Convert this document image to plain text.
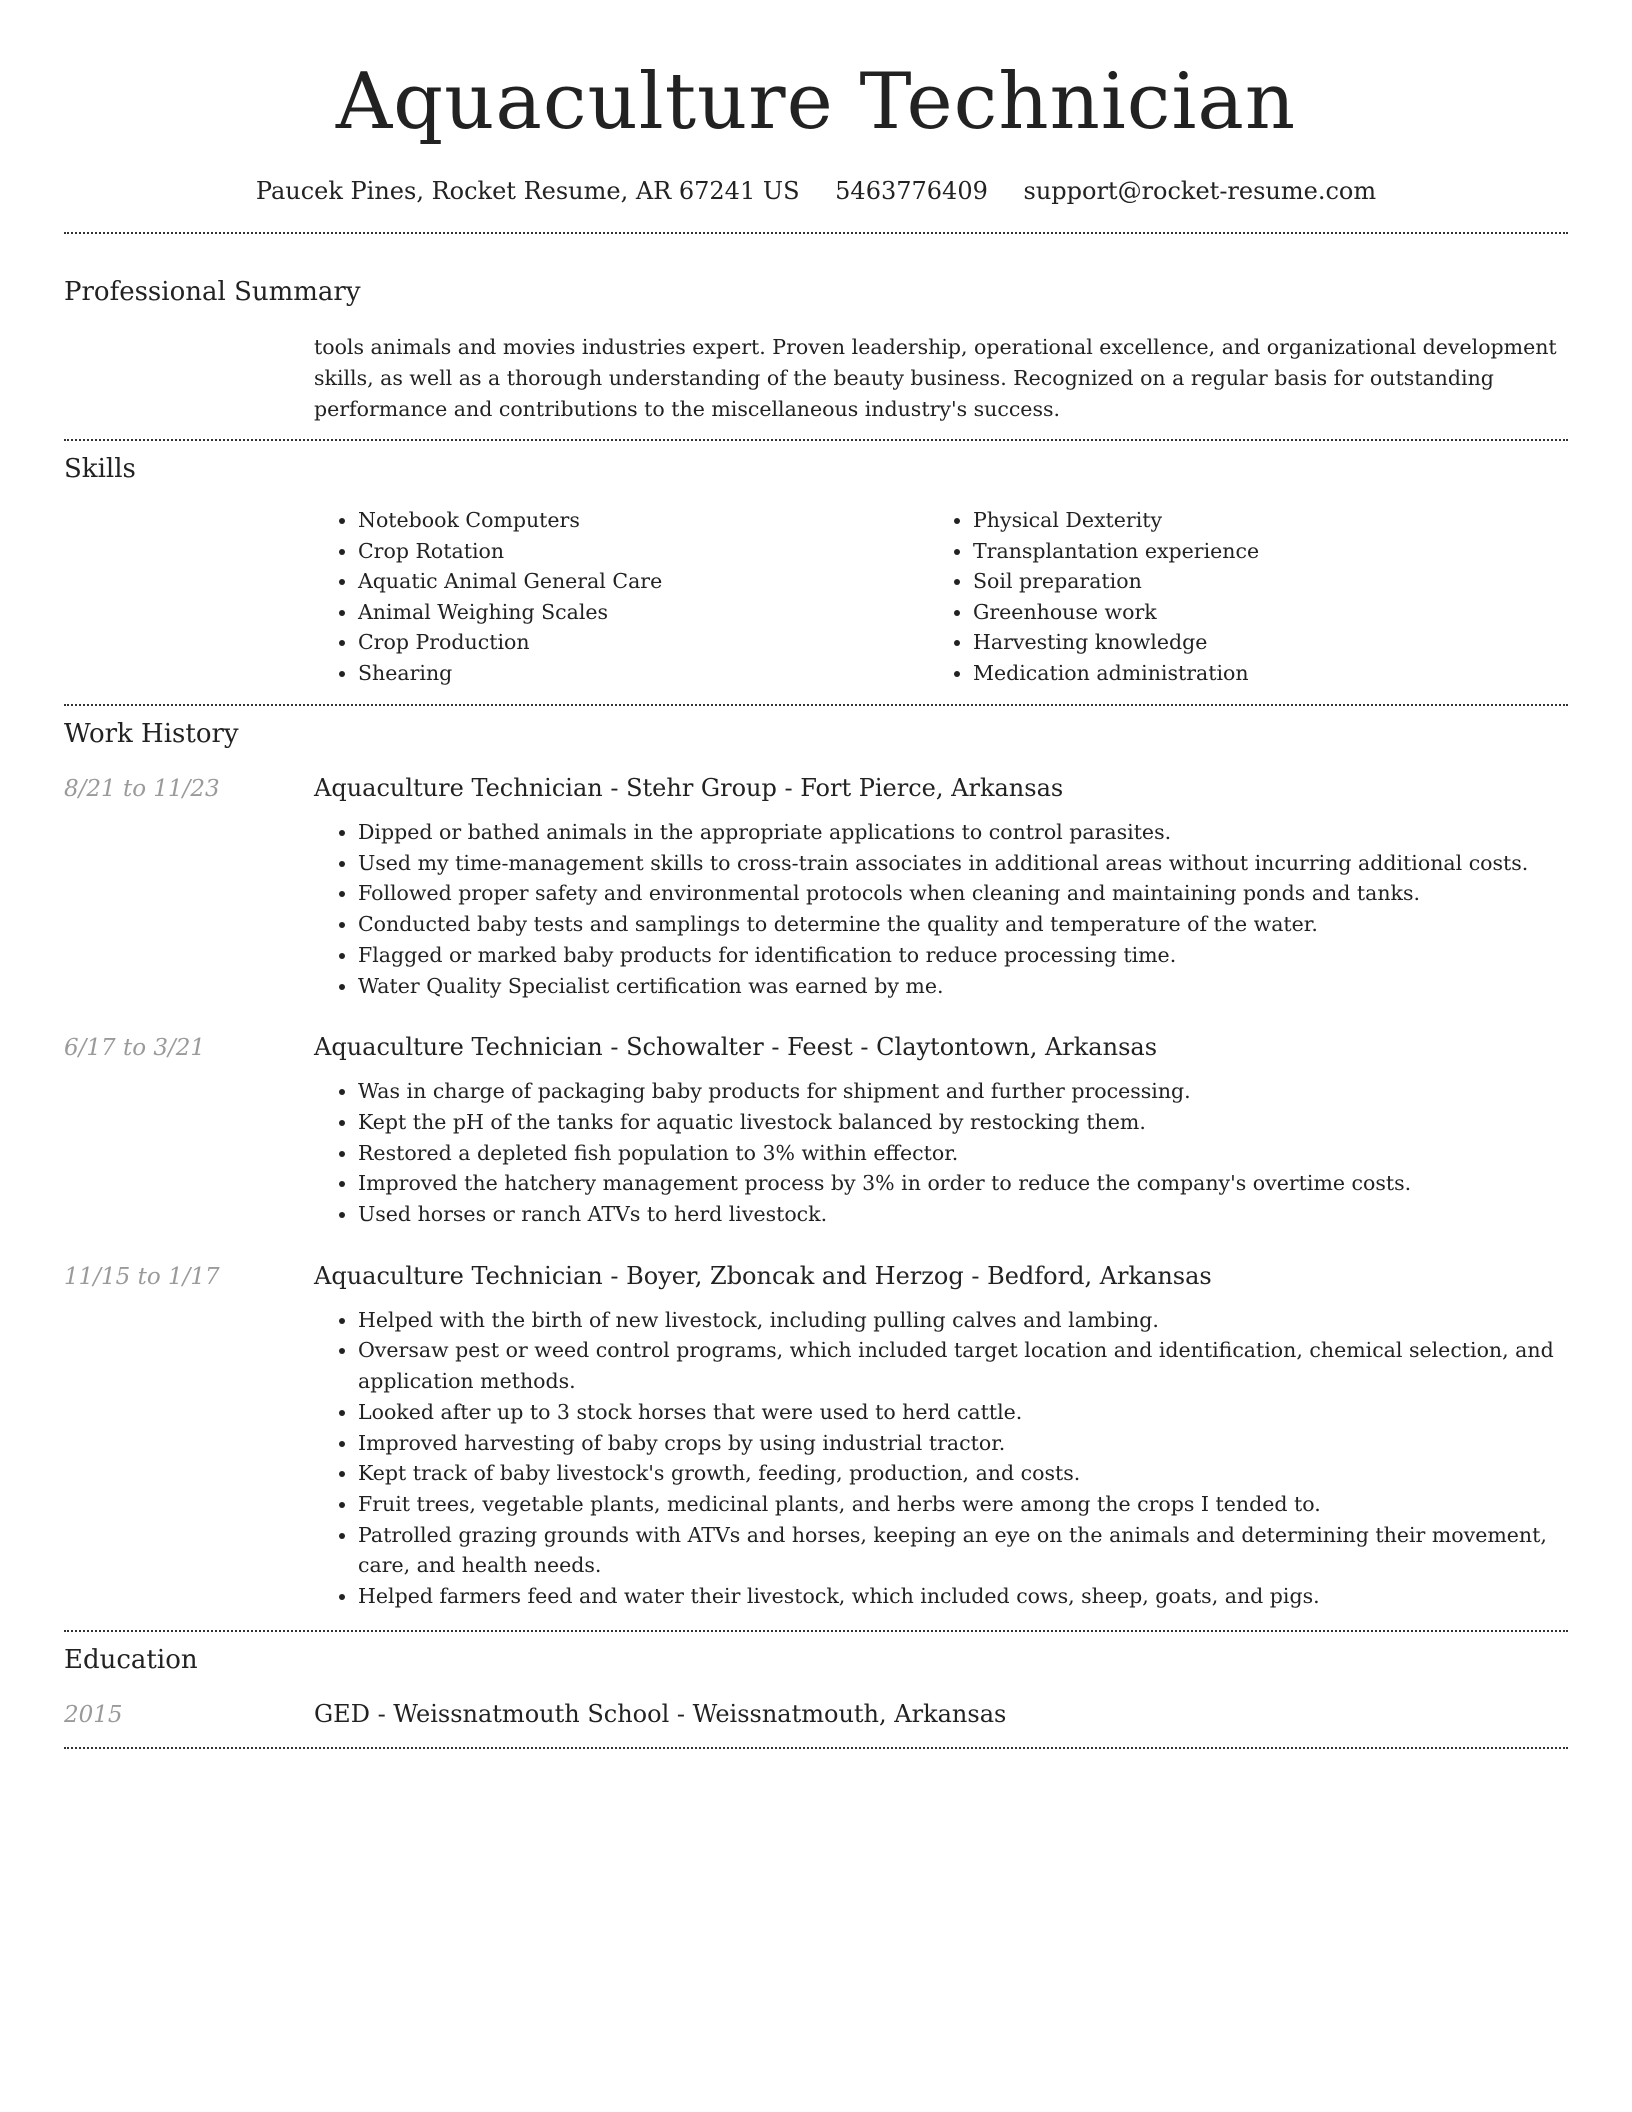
Aquaculture Technician
Paucek Pines, Rocket Resume, AR 67241 US 5463776409 support@rocket-resume.com
Professional Summary
tools animals and movies industries expert. Proven leadership, operational excellence, and organizational development skills, as well as a thorough understanding of the beauty business. Recognized on a regular basis for outstanding performance and contributions to the miscellaneous industry's success.
Skills
• Notebook Computers
• Crop Rotation
• Aquatic Animal General Care
• Animal Weighing Scales
• Crop Production
• Shearing
• Physical Dexterity
• Transplantation experience
• Soil preparation
• Greenhouse work
• Harvesting knowledge
• Medication administration
Work History
8/21 to 11/23	Aquaculture Technician - Stehr Group - Fort Pierce, Arkansas
• Dipped or bathed animals in the appropriate applications to control parasites.
• Used my time-management skills to cross-train associates in additional areas without incurring additional costs.
• Followed proper safety and environmental protocols when cleaning and maintaining ponds and tanks.
• Conducted baby tests and samplings to determine the quality and temperature of the water.
• Flagged or marked baby products for identification to reduce processing time.
• Water Quality Specialist certification was earned by me.
6/17 to 3/21	Aquaculture Technician - Schowalter - Feest - Claytontown, Arkansas
• Was in charge of packaging baby products for shipment and further processing.
• Kept the pH of the tanks for aquatic livestock balanced by restocking them.
• Restored a depleted fish population to 3% within effector.
• Improved the hatchery management process by 3% in order to reduce the company's overtime costs.
• Used horses or ranch ATVs to herd livestock.
11/15 to 1/17	Aquaculture Technician - Boyer, Zboncak and Herzog - Bedford, Arkansas
• Helped with the birth of new livestock, including pulling calves and lambing.
• Oversaw pest or weed control programs, which included target location and identification, chemical selection, and application methods.
• Looked after up to 3 stock horses that were used to herd cattle.
• Improved harvesting of baby crops by using industrial tractor.
• Kept track of baby livestock's growth, feeding, production, and costs.
• Fruit trees, vegetable plants, medicinal plants, and herbs were among the crops I tended to.
• Patrolled grazing grounds with ATVs and horses, keeping an eye on the animals and determining their movement, care, and health needs.
• Helped farmers feed and water their livestock, which included cows, sheep, goats, and pigs.
Education
2015	GED - Weissnatmouth School - Weissnatmouth, Arkansas
